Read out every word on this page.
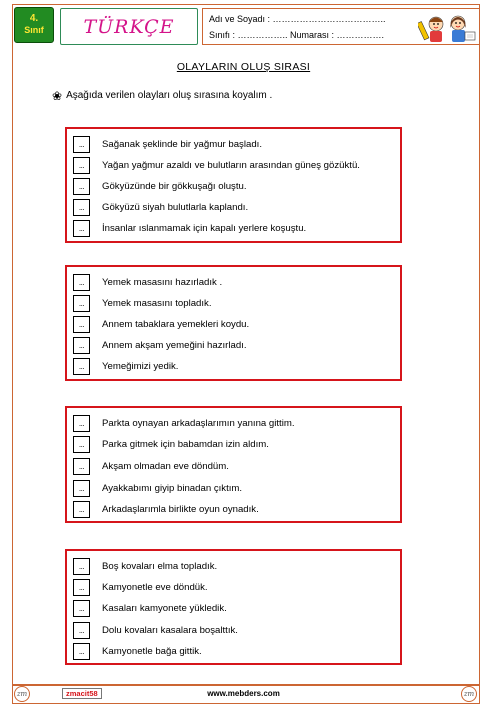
4.
Sınıf	TÜRKÇE	Adı ve Soyadı : ………………………………..
Sınıfı : …………….. Numarası : …………….
OLAYLARIN OLUŞ SIRASI
❀ Aşağıda verilen olayları oluş sırasına koyalım .
...	Sağanak şeklinde bir yağmur başladı.
...	Yağan yağmur azaldı ve bulutların arasından güneş gözüktü.
...	Gökyüzünde bir gökkuşağı oluştu.
...	Gökyüzü siyah bulutlarla kaplandı.
...	İnsanlar ıslanmamak için kapalı yerlere koşuştu.
...	Yemek masasını hazırladık .
...	Yemek masasını topladık.
...	Annem tabaklara yemekleri koydu.
...	Annem akşam yemeğini hazırladı.
...	Yemeğimizi yedik.
...	Parkta oynayan arkadaşlarımın yanına gittim.
...	Parka gitmek için babamdan izin aldım.
...	Akşam olmadan eve döndüm.
...	Ayakkabımı giyip binadan çıktım.
...	Arkadaşlarımla birlikte oyun oynadık.
...	Boş kovaları elma topladık.
...	Kamyonetle eve döndük.
...	Kasaları kamyonete yükledik.
...	Dolu kovaları kasalara boşalttık.
...	Kamyonetle bağa gittik.
zm	zmacit58	www.mebders.com	zm
